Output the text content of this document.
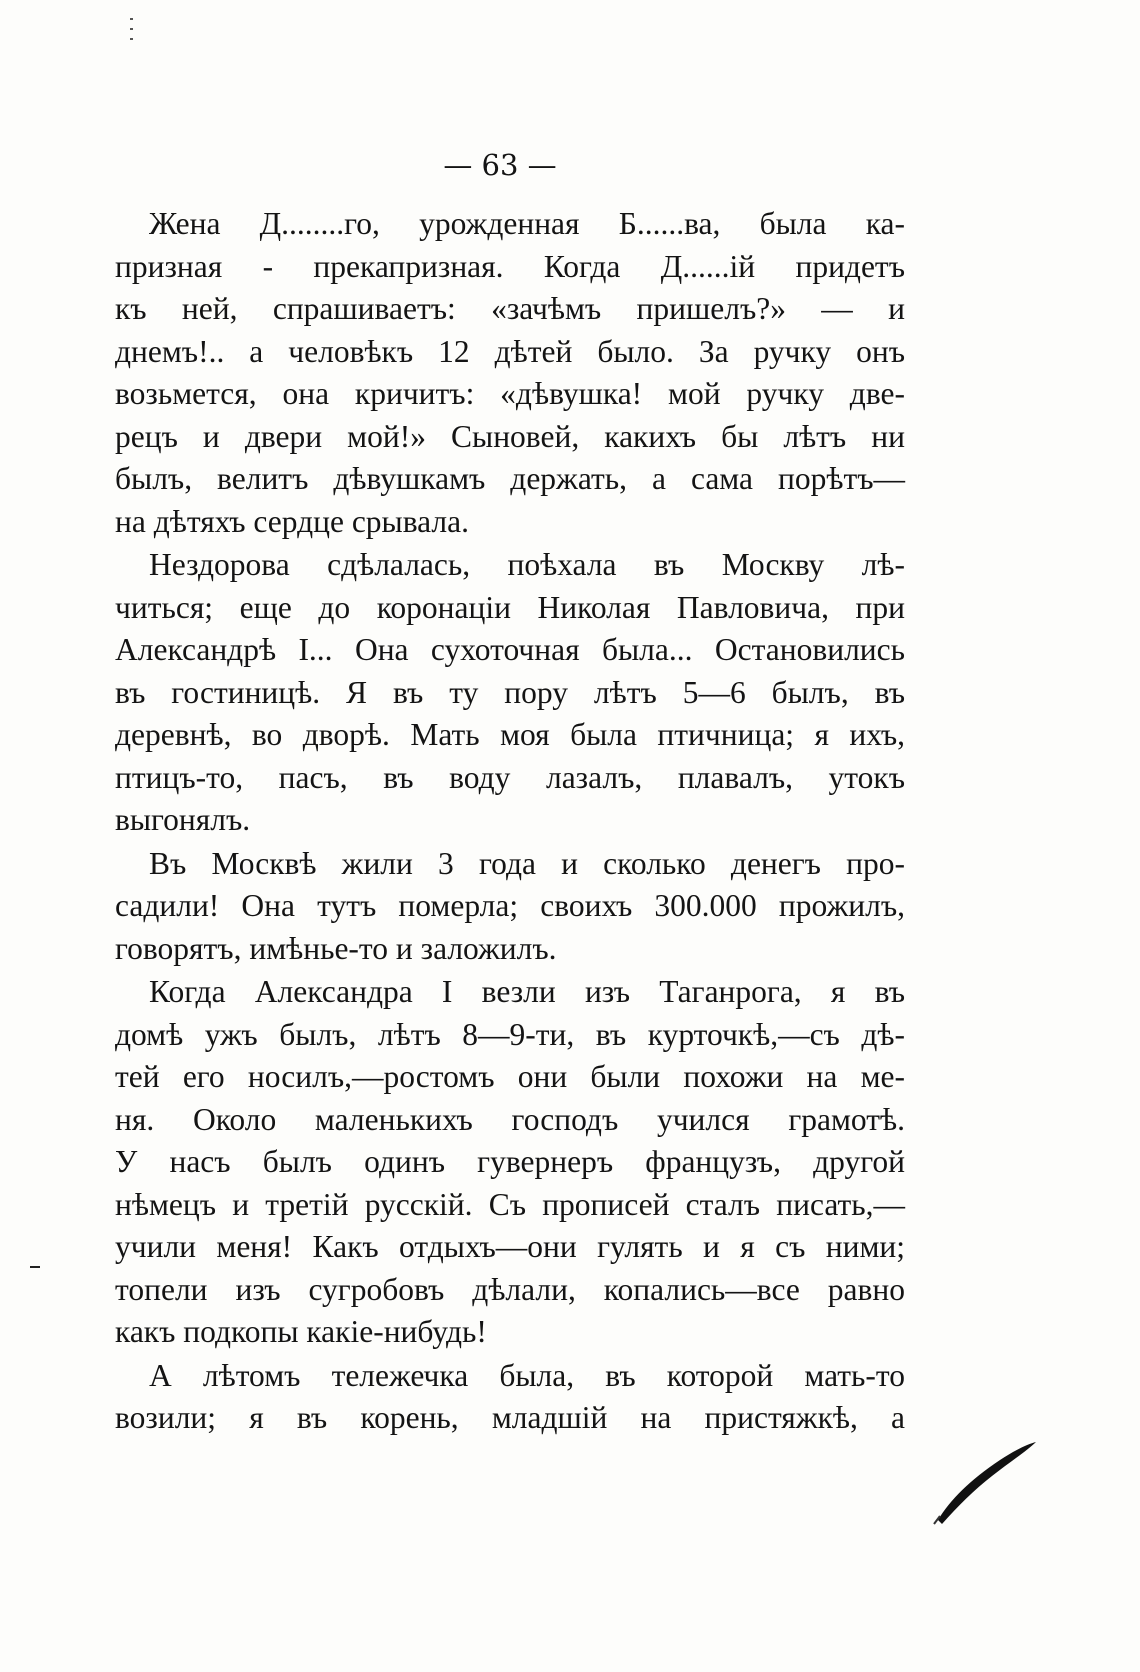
— 63 —
Жена Д........го, урожденная Б......ва, была ка-
призная - прекапризная. Когда Д......ій придетъ
къ ней, спрашиваетъ: «зачѣмъ пришелъ?» — и
днемъ!.. а человѣкъ 12 дѣтей было. За ручку онъ
возьмется, она кричитъ: «дѣвушка! мой ручку две-
рецъ и двери мой!» Сыновей, какихъ бы лѣтъ ни
былъ, велитъ дѣвушкамъ держать, а сама порѣтъ—
на дѣтяхъ сердце срывала.
Нездорова сдѣлалась, поѣхала въ Москву лѣ-
читься; еще до коронаціи Николая Павловича, при
Александрѣ I... Она сухоточная была... Остановились
въ гостиницѣ. Я въ ту пору лѣтъ 5—6 былъ, въ
деревнѣ, во дворѣ. Мать моя была птичница; я ихъ,
птицъ-то, пасъ, въ воду лазалъ, плавалъ, утокъ
выгонялъ.
Въ Москвѣ жили 3 года и сколько денегъ про-
садили! Она тутъ померла; своихъ 300.000 прожилъ,
говорятъ, имѣнье-то и заложилъ.
Когда Александра I везли изъ Таганрога, я въ
домѣ ужъ былъ, лѣтъ 8—9-ти, въ курточкѣ,—съ дѣ-
тей его носилъ,—ростомъ они были похожи на ме-
ня. Около маленькихъ господъ учился грамотѣ.
У насъ былъ одинъ гувернеръ французъ, другой
нѣмецъ и третій русскій. Съ прописей сталъ писать,—
учили меня! Какъ отдыхъ—они гулять и я съ ними;
топели изъ сугробовъ дѣлали, копались—все равно
какъ подкопы какіе-нибудь!
А лѣтомъ тележечка была, въ которой мать-то
возили; я въ корень, младшій на пристяжкѣ, а
